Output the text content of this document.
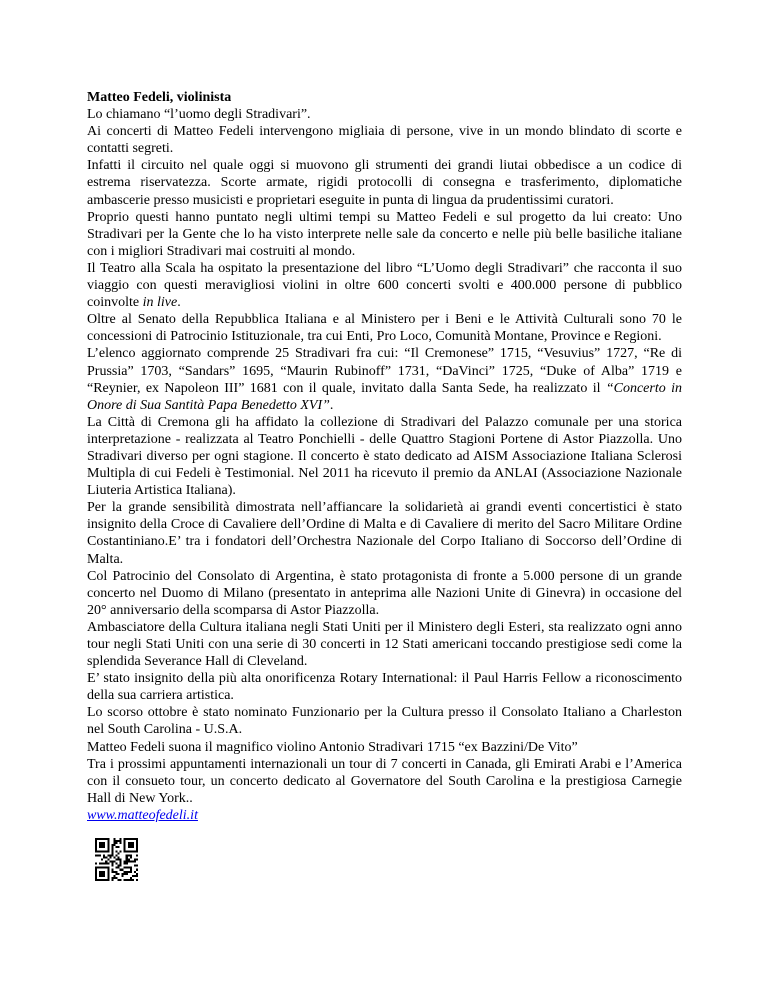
Matteo Fedeli, violinista

Lo chiamano “l’uomo degli Stradivari”.

Ai concerti di Matteo Fedeli intervengono migliaia di persone, vive in un mondo blindato di scorte e contatti segreti.

Infatti il circuito nel quale oggi si muovono gli strumenti dei grandi liutai obbedisce a un codice di estrema riservatezza. Scorte armate, rigidi protocolli di consegna e trasferimento, diplomatiche ambascerie presso musicisti e proprietari eseguite in punta di lingua da prudentissimi curatori.

Proprio questi hanno puntato negli ultimi tempi su Matteo Fedeli e sul progetto da lui creato: Uno Stradivari per la Gente che lo ha visto interprete nelle sale da concerto e nelle più belle basiliche italiane con i migliori Stradivari mai costruiti al mondo.

Il Teatro alla Scala ha ospitato la presentazione del libro “L’Uomo degli Stradivari” che racconta il suo viaggio con questi meravigliosi violini in oltre 600 concerti svolti e 400.000 persone di pubblico coinvolte in live.

Oltre al Senato della Repubblica Italiana e al Ministero per i Beni e le Attività Culturali sono 70 le concessioni di Patrocinio Istituzionale, tra cui Enti, Pro Loco, Comunità Montane, Province e Regioni.

L’elenco aggiornato comprende 25 Stradivari fra cui: “Il Cremonese” 1715, “Vesuvius” 1727, “Re di Prussia” 1703, “Sandars” 1695, “Maurin Rubinoff” 1731, “DaVinci” 1725, “Duke of Alba” 1719 e “Reynier, ex Napoleon III” 1681 con il quale, invitato dalla Santa Sede, ha realizzato il “Concerto in Onore di Sua Santità Papa Benedetto XVI”.

La Città di Cremona gli ha affidato la collezione di Stradivari del Palazzo comunale per una storica interpretazione - realizzata al Teatro Ponchielli - delle Quattro Stagioni Portene di Astor Piazzolla. Uno Stradivari diverso per ogni stagione. Il concerto è stato dedicato ad AISM Associazione Italiana Sclerosi Multipla di cui Fedeli è Testimonial. Nel 2011 ha ricevuto il premio da ANLAI (Associazione Nazionale Liuteria Artistica Italiana).

Per la grande sensibilità dimostrata nell’affiancare la solidarietà ai grandi eventi concertistici è stato insignito della Croce di Cavaliere dell’Ordine di Malta e di Cavaliere di merito del Sacro Militare Ordine Costantiniano.E’ tra i fondatori dell’Orchestra Nazionale del Corpo Italiano di Soccorso dell’Ordine di Malta.

Col Patrocinio del Consolato di Argentina, è stato protagonista di fronte a 5.000 persone di un grande concerto nel Duomo di Milano (presentato in anteprima alle Nazioni Unite di Ginevra) in occasione del 20° anniversario della scomparsa di Astor Piazzolla.

Ambasciatore della Cultura italiana negli Stati Uniti per il Ministero degli Esteri, sta realizzato ogni anno tour negli Stati Uniti con una serie di 30 concerti in 12 Stati americani toccando prestigiose sedi come la splendida Severance Hall di Cleveland.

E’ stato insignito della più alta onorificenza Rotary International: il Paul Harris Fellow a riconoscimento della sua carriera artistica.

Lo scorso ottobre è stato nominato Funzionario per la Cultura presso il Consolato Italiano a Charleston nel South Carolina - U.S.A.

Matteo Fedeli suona il magnifico violino Antonio Stradivari 1715 “ex Bazzini/De Vito”

Tra i prossimi appuntamenti internazionali un tour di 7 concerti in Canada, gli Emirati Arabi e l’America con il consueto tour, un concerto dedicato al Governatore del South Carolina e la prestigiosa Carnegie Hall di New York..

www.matteofedeli.it
